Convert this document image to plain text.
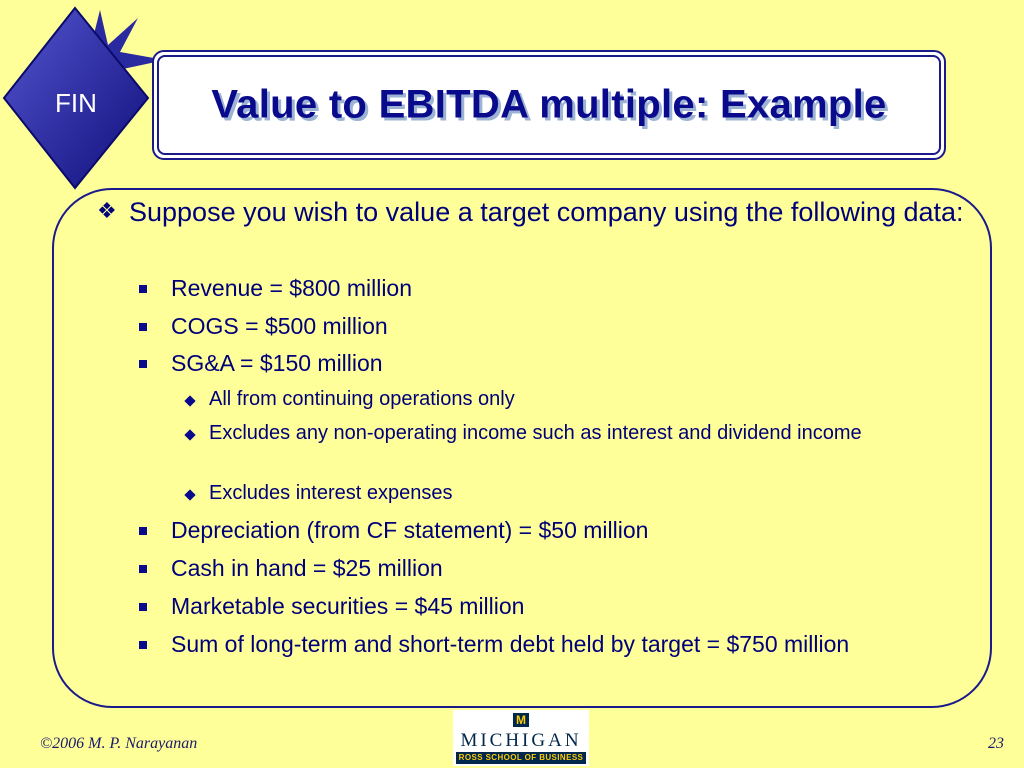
FIN	Value to EBITDA multiple: Example
❖ Suppose you wish to value a target company using the following data:
Revenue = $800 million
COGS = $500 million
SG&A = $150 million
All from continuing operations only
Excludes any non-operating income such as interest and dividend income
Excludes interest expenses
Depreciation (from CF statement) = $50 million
Cash in hand = $25 million
Marketable securities = $45 million
Sum of long-term and short-term debt held by target = $750 million
©2006 M. P. Narayanan
M
MICHIGAN
ROSS SCHOOL OF BUSINESS
23
